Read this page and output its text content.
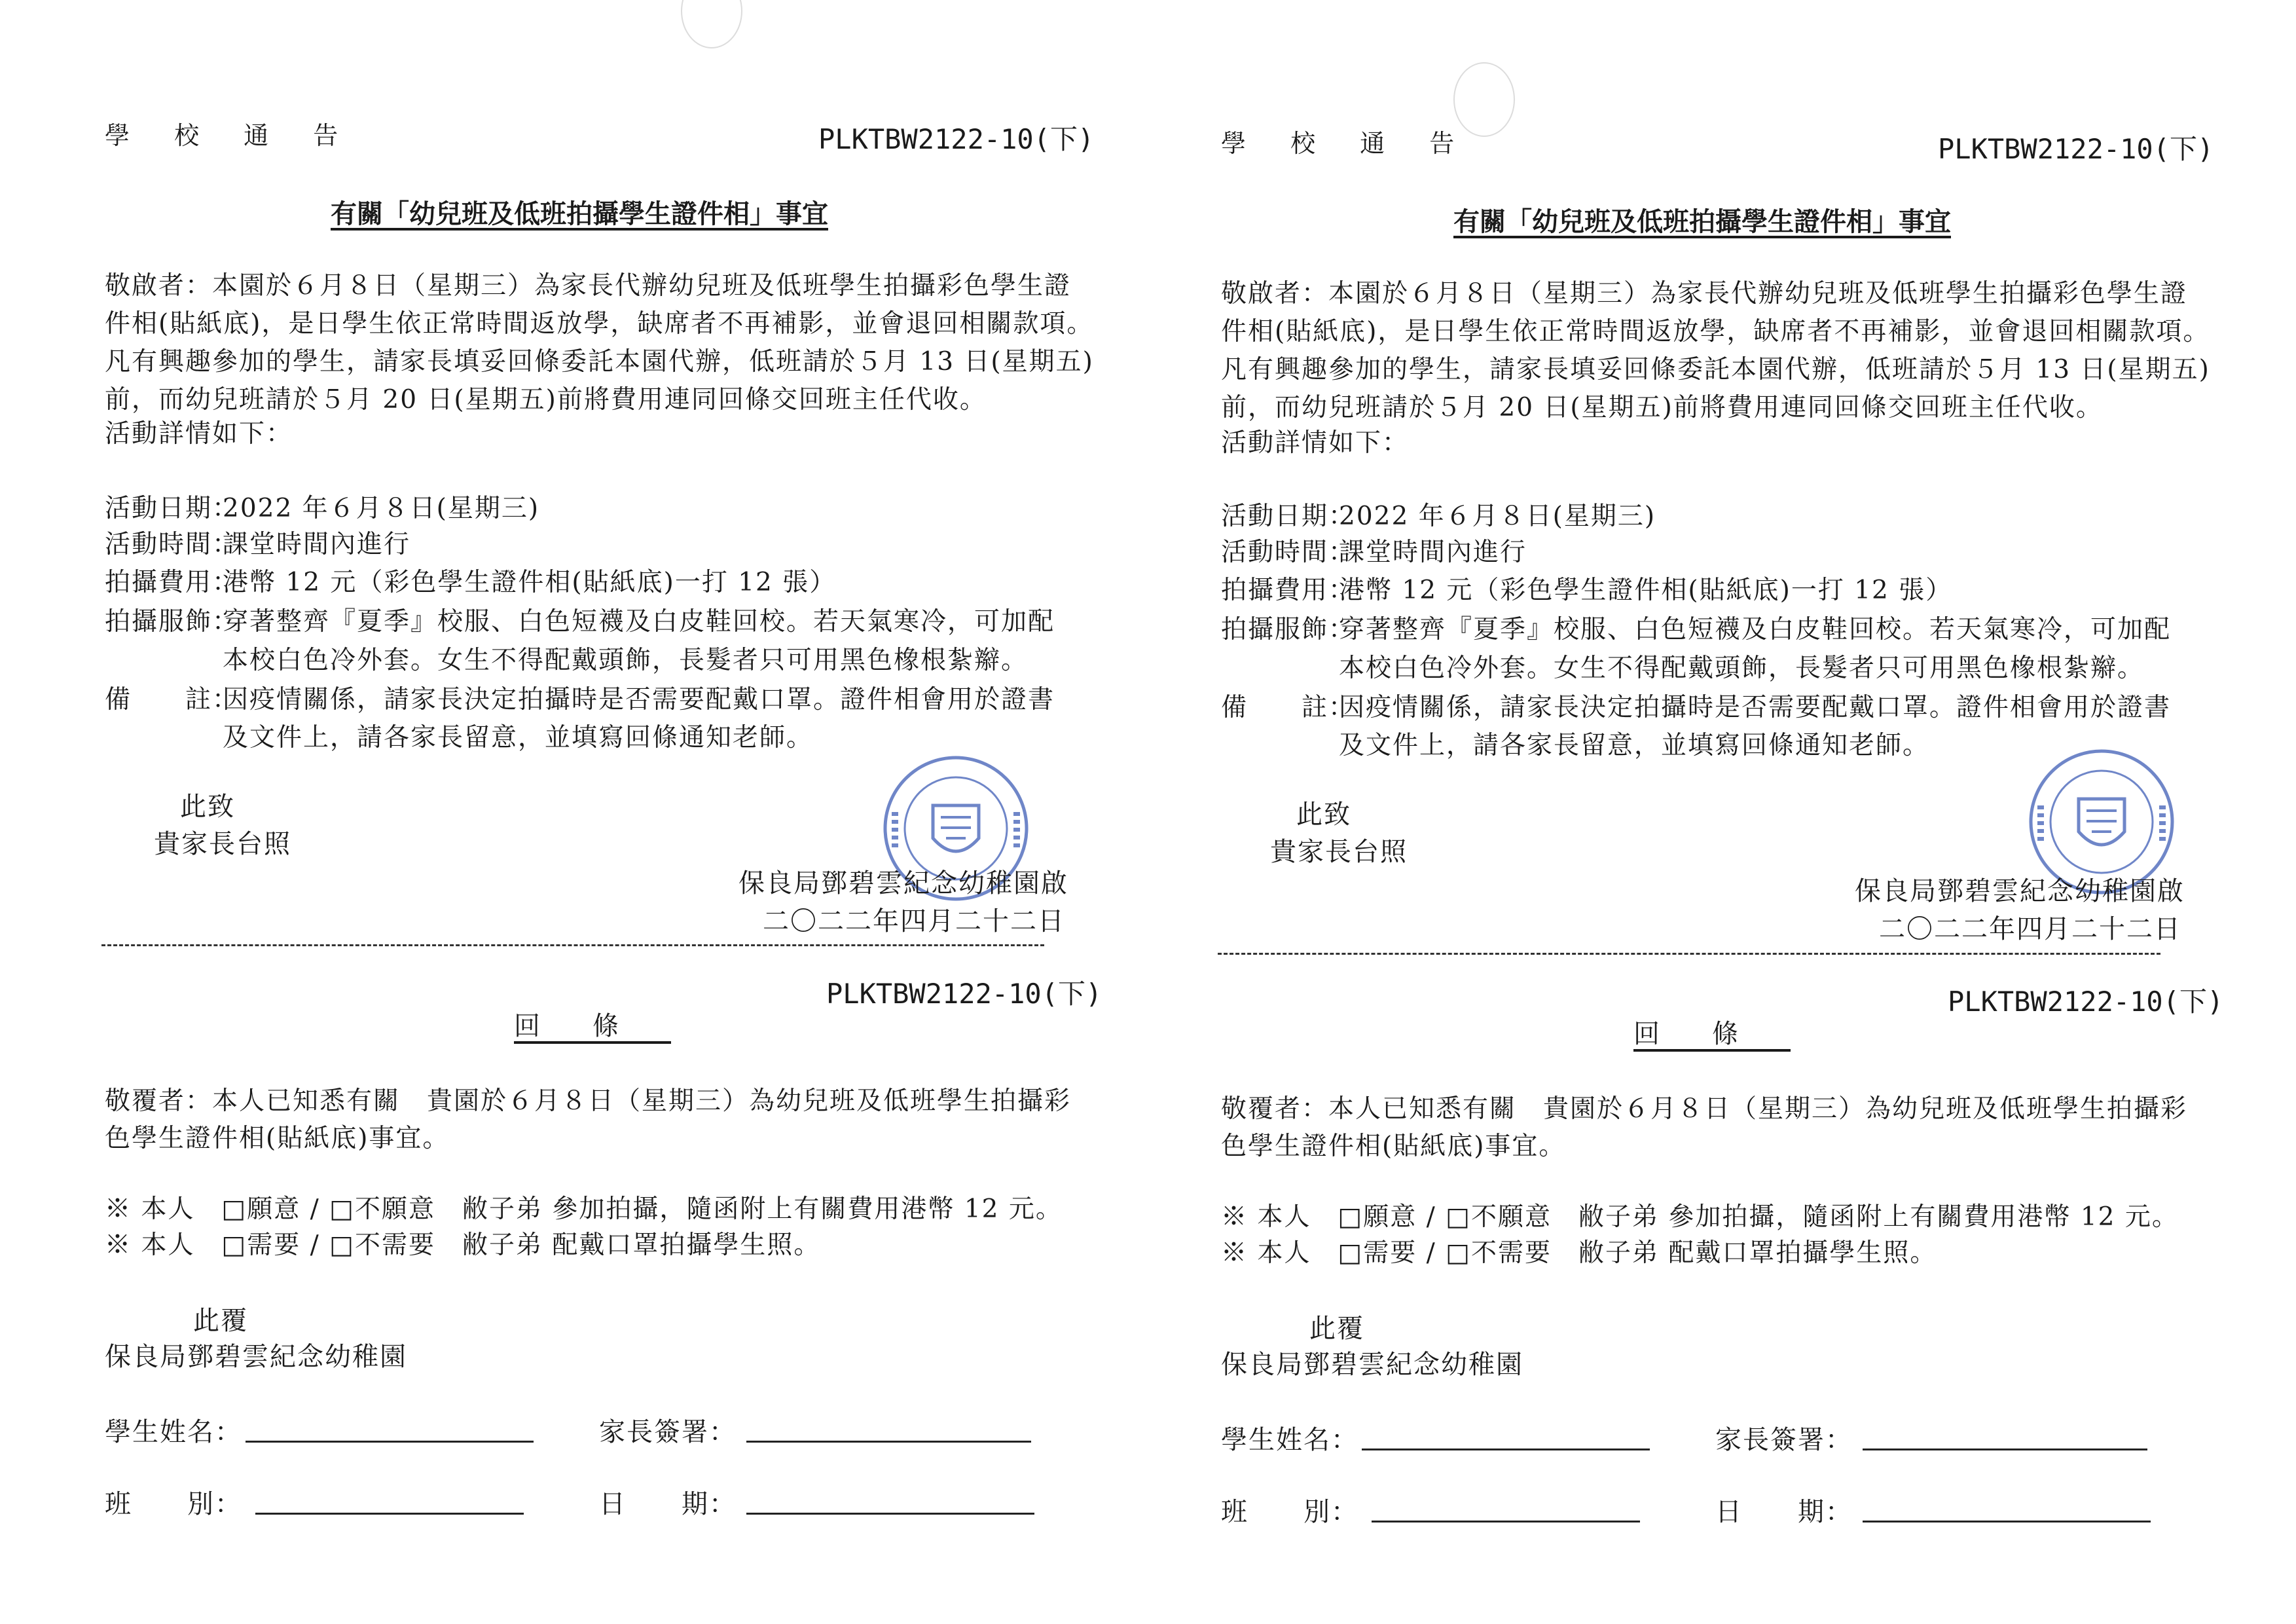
學 校 通 告	PLKTBW2122-10(下)
有關「幼兒班及低班拍攝學生證件相」事宜
敬啟者：本園於６月８日（星期三）為家長代辦幼兒班及低班學生拍攝彩色學生證
件相(貼紙底)，是日學生依正常時間返放學，缺席者不再補影，並會退回相關款項。
凡有興趣參加的學生，請家長填妥回條委託本園代辦，低班請於５月 13 日(星期五)
前，而幼兒班請於５月 20 日(星期五)前將費用連同回條交回班主任代收。
活動詳情如下：
活動日期：
2022 年６月８日(星期三)
活動時間：
課堂時間內進行
拍攝費用：
港幣 12 元（彩色學生證件相(貼紙底)一打 12 張）
拍攝服飾：
穿著整齊『夏季』校服、白色短襪及白皮鞋回校。若天氣寒冷，可加配
本校白色冷外套。女生不得配戴頭飾，長髮者只可用黑色橡根紮辮。
備　　註：
因疫情關係，請家長決定拍攝時是否需要配戴口罩。證件相會用於證書
及文件上，請各家長留意，並填寫回條通知老師。
此致
貴家長台照
保良局鄧碧雲紀念幼稚園啟
二〇二二年四月二十二日
PLKTBW2122-10(下)
回條
敬覆者：本人已知悉有關　貴園於６月８日（星期三）為幼兒班及低班學生拍攝彩
色學生證件相(貼紙底)事宜。
※ 本人　□願意 / □不願意　敝子弟 參加拍攝，隨函附上有關費用港幣 12 元。
※ 本人　□需要 / □不需要　敝子弟 配戴口罩拍攝學生照。
此覆
保良局鄧碧雲紀念幼稚園
學生姓名：	家長簽署：
班　　別：	日　　期：
學 校 通 告	PLKTBW2122-10(下)
有關「幼兒班及低班拍攝學生證件相」事宜
敬啟者：本園於６月８日（星期三）為家長代辦幼兒班及低班學生拍攝彩色學生證
件相(貼紙底)，是日學生依正常時間返放學，缺席者不再補影，並會退回相關款項。
凡有興趣參加的學生，請家長填妥回條委託本園代辦，低班請於５月 13 日(星期五)
前，而幼兒班請於５月 20 日(星期五)前將費用連同回條交回班主任代收。
活動詳情如下：
活動日期：
2022 年６月８日(星期三)
活動時間：
課堂時間內進行
拍攝費用：
港幣 12 元（彩色學生證件相(貼紙底)一打 12 張）
拍攝服飾：
穿著整齊『夏季』校服、白色短襪及白皮鞋回校。若天氣寒冷，可加配
本校白色冷外套。女生不得配戴頭飾，長髮者只可用黑色橡根紮辮。
備　　註：
因疫情關係，請家長決定拍攝時是否需要配戴口罩。證件相會用於證書
及文件上，請各家長留意，並填寫回條通知老師。
此致
貴家長台照
保良局鄧碧雲紀念幼稚園啟
二〇二二年四月二十二日
PLKTBW2122-10(下)
回條
敬覆者：本人已知悉有關　貴園於６月８日（星期三）為幼兒班及低班學生拍攝彩
色學生證件相(貼紙底)事宜。
※ 本人　□願意 / □不願意　敝子弟 參加拍攝，隨函附上有關費用港幣 12 元。
※ 本人　□需要 / □不需要　敝子弟 配戴口罩拍攝學生照。
此覆
保良局鄧碧雲紀念幼稚園
學生姓名：	家長簽署：
班　　別：	日　　期：
